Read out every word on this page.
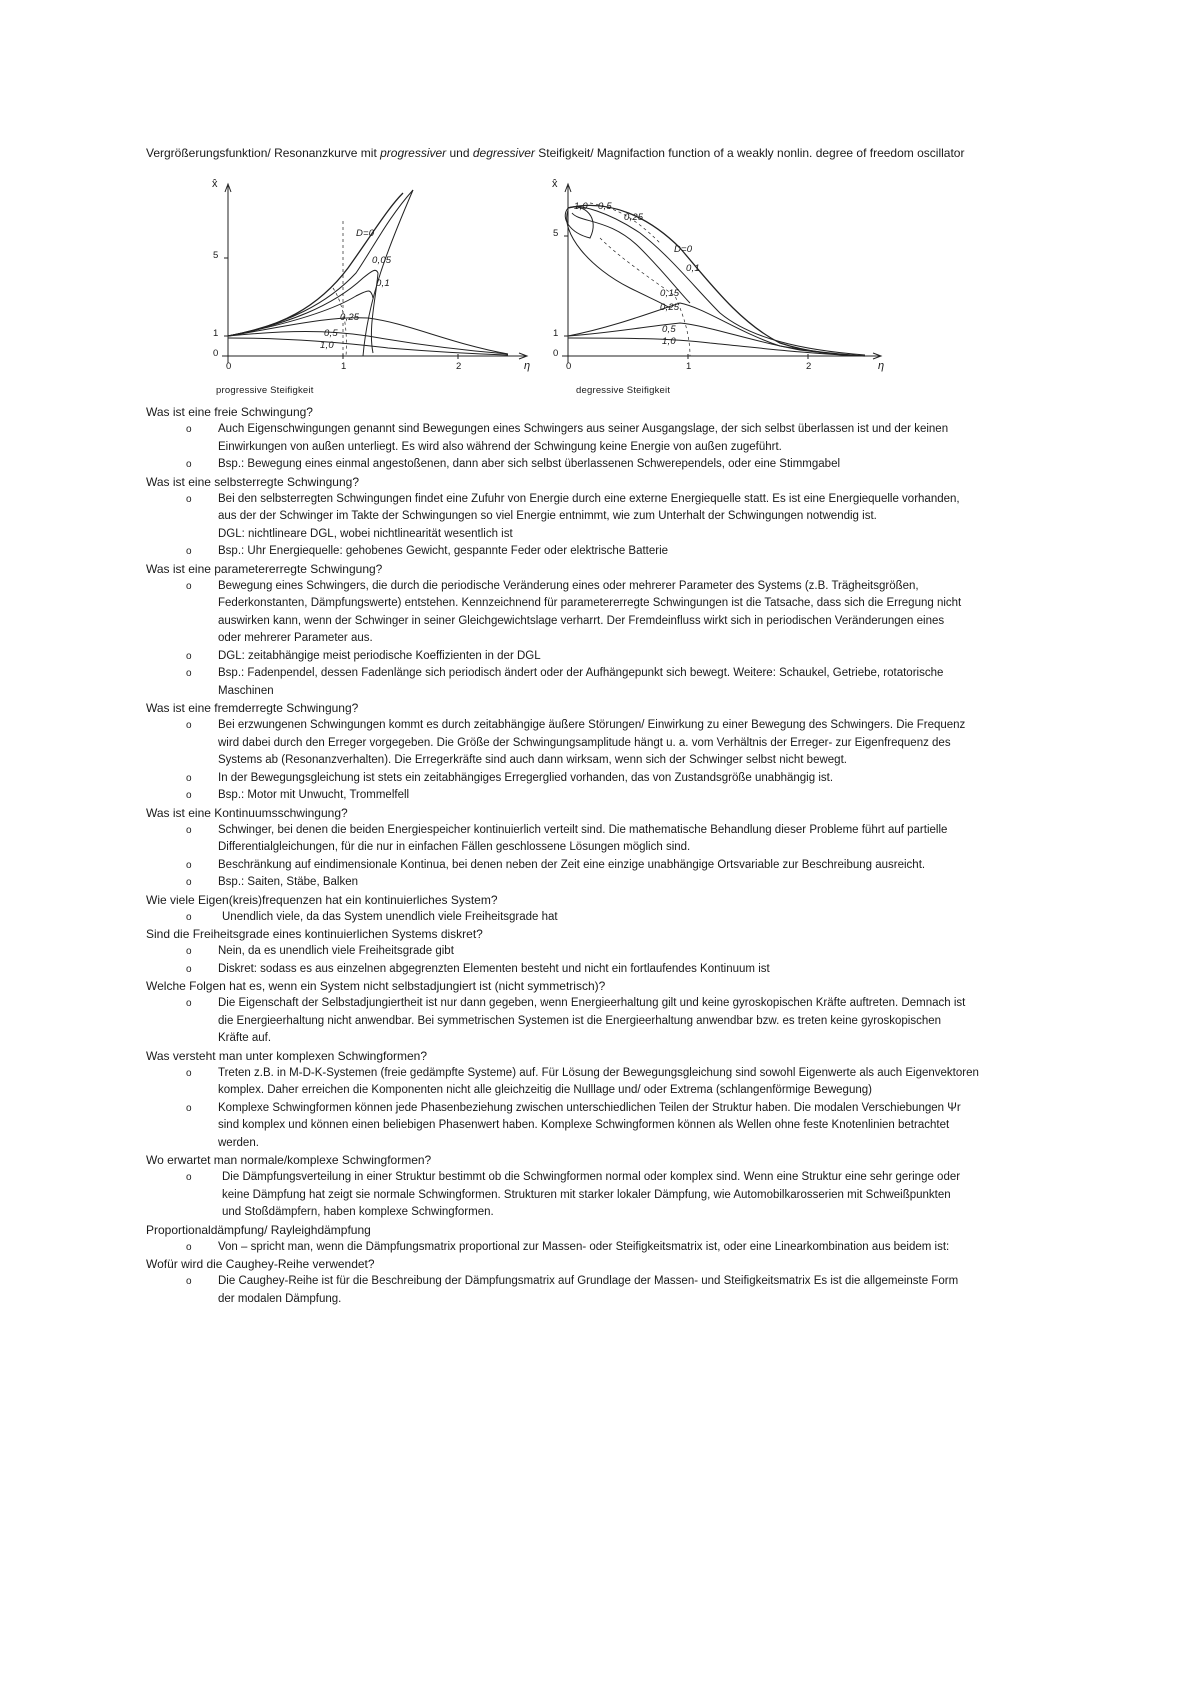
Vergrößerungsfunktion/ Resonanzkurve mit progressiver und degressiver Steifigkeit/ Magnifaction function of a weakly nonlin. degree of freedom oscillator
x̂
η
5
1
0
0	1	2
D=0
0,05
0,1
0,25
0,5
1,0
progressive Steifigkeit
x̂
η
5
1
0
0	1	2
1,0 0,5
0,25
D=0
0,1
0,15
0,25
0,5
1,0
degressive Steifigkeit

Was ist eine freie Schwingung?

o Auch Eigenschwingungen genannt sind Bewegungen eines Schwingers aus seiner Ausgangslage, der sich selbst überlassen ist und der keinen
Einwirkungen von außen unterliegt. Es wird also während der Schwingung keine Energie von außen zugeführt.
o Bsp.: Bewegung eines einmal angestoßenen, dann aber sich selbst überlassenen Schwerependels, oder eine Stimmgabel

Was ist eine selbsterregte Schwingung?

o Bei den selbsterregten Schwingungen findet eine Zufuhr von Energie durch eine externe Energiequelle statt. Es ist eine Energiequelle vorhanden,
aus der der Schwinger im Takte der Schwingungen so viel Energie entnimmt, wie zum Unterhalt der Schwingungen notwendig ist.
DGL: nichtlineare DGL, wobei nichtlinearität wesentlich ist
o Bsp.: Uhr Energiequelle: gehobenes Gewicht, gespannte Feder oder elektrische Batterie

Was ist eine parametererregte Schwingung?

o Bewegung eines Schwingers, die durch die periodische Veränderung eines oder mehrerer Parameter des Systems (z.B. Trägheitsgrößen,
Federkonstanten, Dämpfungswerte) entstehen. Kennzeichnend für parametererregte Schwingungen ist die Tatsache, dass sich die Erregung nicht
auswirken kann, wenn der Schwinger in seiner Gleichgewichtslage verharrt. Der Fremdeinfluss wirkt sich in periodischen Veränderungen eines
oder mehrerer Parameter aus.
o DGL: zeitabhängige meist periodische Koeffizienten in der DGL
o Bsp.: Fadenpendel, dessen Fadenlänge sich periodisch ändert oder der Aufhängepunkt sich bewegt. Weitere: Schaukel, Getriebe, rotatorische
Maschinen

Was ist eine fremderregte Schwingung?

o Bei erzwungenen Schwingungen kommt es durch zeitabhängige äußere Störungen/ Einwirkung zu einer Bewegung des Schwingers. Die Frequenz
wird dabei durch den Erreger vorgegeben. Die Größe der Schwingungsamplitude hängt u. a. vom Verhältnis der Erreger- zur Eigenfrequenz des
Systems ab (Resonanzverhalten). Die Erregerkräfte sind auch dann wirksam, wenn sich der Schwinger selbst nicht bewegt.
o In der Bewegungsgleichung ist stets ein zeitabhängiges Erregerglied vorhanden, das von Zustandsgröße unabhängig ist.
o Bsp.: Motor mit Unwucht, Trommelfell

Was ist eine Kontinuumsschwingung?

o Schwinger, bei denen die beiden Energiespeicher kontinuierlich verteilt sind. Die mathematische Behandlung dieser Probleme führt auf partielle
Differentialgleichungen, für die nur in einfachen Fällen geschlossene Lösungen möglich sind.
o Beschränkung auf eindimensionale Kontinua, bei denen neben der Zeit eine einzige unabhängige Ortsvariable zur Beschreibung ausreicht.
o Bsp.: Saiten, Stäbe, Balken

Wie viele Eigen(kreis)frequenzen hat ein kontinuierliches System?

o Unendlich viele, da das System unendlich viele Freiheitsgrade hat

Sind die Freiheitsgrade eines kontinuierlichen Systems diskret?

o Nein, da es unendlich viele Freiheitsgrade gibt
o Diskret: sodass es aus einzelnen abgegrenzten Elementen besteht und nicht ein fortlaufendes Kontinuum ist

Welche Folgen hat es, wenn ein System nicht selbstadjungiert ist (nicht symmetrisch)?

o Die Eigenschaft der Selbstadjungiertheit ist nur dann gegeben, wenn Energieerhaltung gilt und keine gyroskopischen Kräfte auftreten. Demnach ist
die Energieerhaltung nicht anwendbar. Bei symmetrischen Systemen ist die Energieerhaltung anwendbar bzw. es treten keine gyroskopischen
Kräfte auf.

Was versteht man unter komplexen Schwingformen?

o Treten z.B. in M-D-K-Systemen (freie gedämpfte Systeme) auf. Für Lösung der Bewegungsgleichung sind sowohl Eigenwerte als auch Eigenvektoren
komplex. Daher erreichen die Komponenten nicht alle gleichzeitig die Nulllage und/ oder Extrema (schlangenförmige Bewegung)
o Komplexe Schwingformen können jede Phasenbeziehung zwischen unterschiedlichen Teilen der Struktur haben. Die modalen Verschiebungen Ψr
sind komplex und können einen beliebigen Phasenwert haben. Komplexe Schwingformen können als Wellen ohne feste Knotenlinien betrachtet
werden.

Wo erwartet man normale/komplexe Schwingformen?

o Die Dämpfungsverteilung in einer Struktur bestimmt ob die Schwingformen normal oder komplex sind. Wenn eine Struktur eine sehr geringe oder
keine Dämpfung hat zeigt sie normale Schwingformen. Strukturen mit starker lokaler Dämpfung, wie Automobilkarosserien mit Schweißpunkten
und Stoßdämpfern, haben komplexe Schwingformen.

Proportionaldämpfung/ Rayleighdämpfung

o Von – spricht man, wenn die Dämpfungsmatrix proportional zur Massen- oder Steifigkeitsmatrix ist, oder eine Linearkombination aus beidem ist:

Wofür wird die Caughey-Reihe verwendet?

o Die Caughey-Reihe ist für die Beschreibung der Dämpfungsmatrix auf Grundlage der Massen- und Steifigkeitsmatrix Es ist die allgemeinste Form
der modalen Dämpfung.
